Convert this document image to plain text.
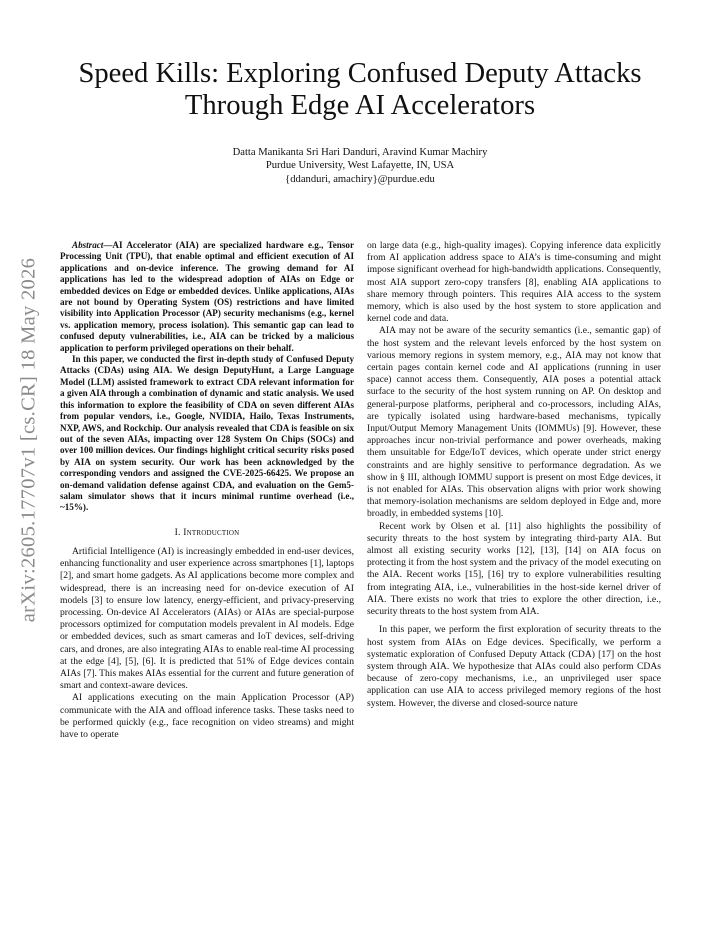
arXiv:2605.17707v1 [cs.CR] 18 May 2026
Speed Kills: Exploring Confused Deputy Attacks Through Edge AI Accelerators
Datta Manikanta Sri Hari Danduri, Aravind Kumar Machiry
Purdue University, West Lafayette, IN, USA
{ddanduri, amachiry}@purdue.edu

Abstract—AI Accelerator (AIA) are specialized hardware e.g., Tensor Processing Unit (TPU), that enable optimal and efficient execution of AI applications and on-device inference. The growing demand for AI applications has led to the widespread adoption of AIAs on Edge or embedded devices on Edge or embedded devices. Unlike applications, AIAs are not bound by Operating System (OS) restrictions and have limited visibility into Application Processor (AP) security mechanisms (e.g., kernel vs. application memory, process isolation). This semantic gap can lead to confused deputy vulnerabilities, i.e., AIA can be tricked by a malicious application to perform privileged operations on their behalf.

In this paper, we conducted the first in-depth study of Confused Deputy Attacks (CDAs) using AIA. We design DeputyHunt, a Large Language Model (LLM) assisted framework to extract CDA relevant information for a given AIA through a combination of dynamic and static analysis. We used this information to explore the feasibility of CDA on seven different AIAs from popular vendors, i.e., Google, NVIDIA, Hailo, Texas Instruments, NXP, AWS, and Rockchip. Our analysis revealed that CDA is feasible on six out of the seven AIAs, impacting over 128 System On Chips (SOCs) and over 100 million devices. Our findings highlight critical security risks posed by AIA on system security. Our work has been acknowledged by the corresponding vendors and assigned the CVE-2025-66425. We propose an on-demand validation defense against CDA, and evaluation on the Gem5-salam simulator shows that it incurs minimal runtime overhead (i.e., ~15%).

I. Introduction

Artificial Intelligence (AI) is increasingly embedded in end-user devices, enhancing functionality and user experience across smartphones [1], laptops [2], and smart home gadgets. As AI applications become more complex and widespread, there is an increasing need for on-device execution of AI models [3] to ensure low latency, energy-efficient, and privacy-preserving processing. On-device AI Accelerators (AIAs) or AIAs are special-purpose processors optimized for computation models prevalent in AI models. Edge or embedded devices, such as smart cameras and IoT devices, self-driving cars, and drones, are also integrating AIAs to enable real-time AI processing at the edge [4], [5], [6]. It is predicted that 51% of Edge devices contain AIAs [7]. This makes AIAs essential for the current and future generation of smart and context-aware devices.

AI applications executing on the main Application Processor (AP) communicate with the AIA and offload inference tasks. These tasks need to be performed quickly (e.g., face recognition on video streams) and might have to operate

on large data (e.g., high-quality images). Copying inference data explicitly from AI application address space to AIA’s is time-consuming and might impose significant overhead for high-bandwidth applications. Consequently, most AIA support zero-copy transfers [8], enabling AIA applications to share memory through pointers. This requires AIA access to the system memory, which is also used by the host system to store application and kernel code and data.

AIA may not be aware of the security semantics (i.e., semantic gap) of the host system and the relevant levels enforced by the host system on various memory regions in system memory, e.g., AIA may not know that certain pages contain kernel code and AI applications (running in user space) cannot access them. Consequently, AIA poses a potential attack surface to the security of the host system running on AP. On desktop and general-purpose platforms, peripheral and co-processors, including AIAs, are typically isolated using hardware-based mechanisms, typically Input/Output Memory Management Units (IOMMUs) [9]. However, these approaches incur non-trivial performance and power overheads, making them unsuitable for Edge/IoT devices, which operate under strict energy constraints and are highly sensitive to performance degradation. As we show in § III, although IOMMU support is present on most Edge devices, it is not enabled for AIAs. This observation aligns with prior work showing that memory-isolation mechanisms are seldom deployed in Edge and, more broadly, in embedded systems [10].

Recent work by Olsen et al. [11] also highlights the possibility of security threats to the host system by integrating third-party AIA. But almost all existing security works [12], [13], [14] on AIA focus on protecting it from the host system and the privacy of the model executing on the AIA. Recent works [15], [16] try to explore vulnerabilities resulting from integrating AIA, i.e., vulnerabilities in the host-side kernel driver of AIA. There exists no work that tries to explore the other direction, i.e., security threats to the host system from AIA.

In this paper, we perform the first exploration of security threats to the host system from AIAs on Edge devices. Specifically, we perform a systematic exploration of Confused Deputy Attack (CDA) [17] on the host system through AIA. We hypothesize that AIAs could also perform CDAs because of zero-copy mechanisms, i.e., an unprivileged user space application can use AIA to access privileged memory regions of the host system. However, the diverse and closed-source nature
